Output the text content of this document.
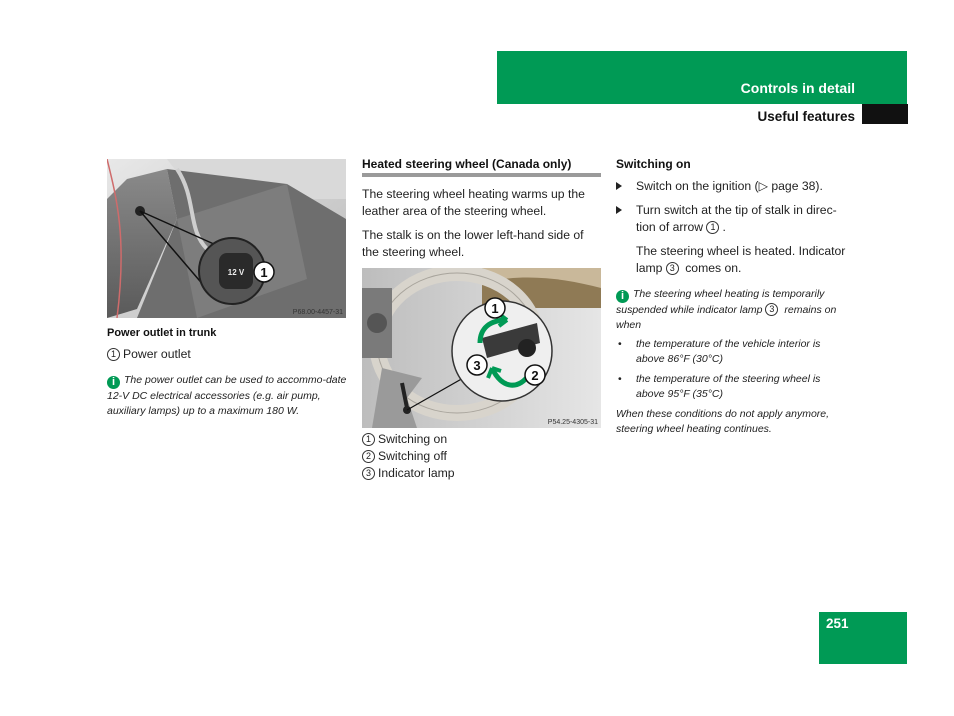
Controls in detail
Useful features
12 V 1
P68.00-4457-31
Power outlet in trunk
1 Power outlet
i The power outlet can be used to accommo-date 12-V DC electrical accessories (e.g. air pump, auxiliary lamps) up to a maximum 180 W.
Heated steering wheel (Canada only)
The steering wheel heating warms up the leather area of the steering wheel.
The stalk is on the lower left-hand side of the steering wheel.
1
2
3
P54.25-4305-31
1 Switching on
2 Switching off
3 Indicator lamp
Switching on
Switch on the ignition (▷ page 38).
Turn switch at the tip of stalk in direc-tion of arrow 1 .
The steering wheel is heated. Indicator lamp 3 comes on.
i The steering wheel heating is temporarily suspended while indicator lamp 3 remains on when
• the temperature of the vehicle interior is above 86°F (30°C)
• the temperature of the steering wheel is above 95°F (35°C)
When these conditions do not apply anymore, steering wheel heating continues.
251
